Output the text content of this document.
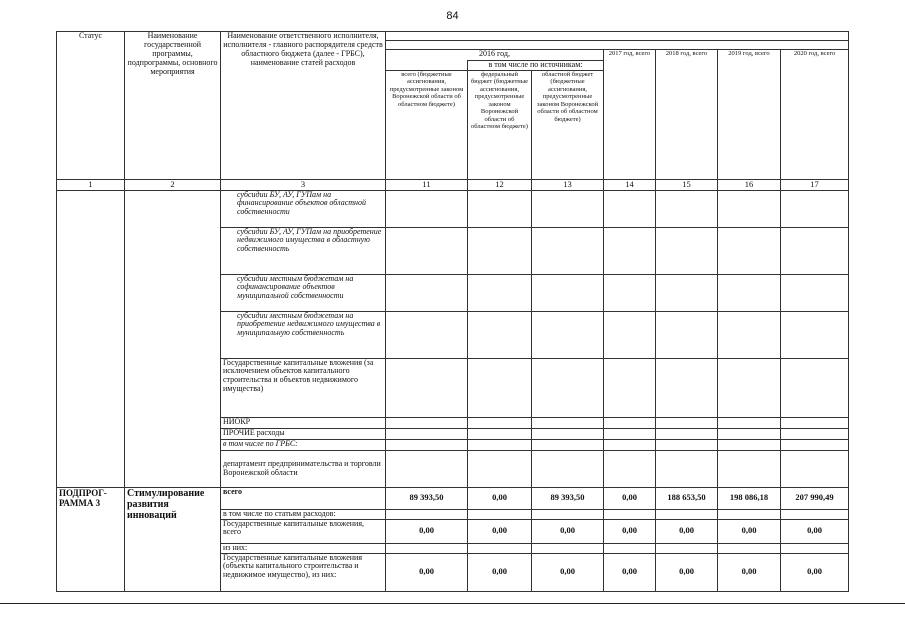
84
Статус	Наименование государственной программы, подпрограммы, основного мероприятия	Наименование ответственного исполнителя, исполнителя - главного распорядителя средств областного бюджета (далее - ГРБС), наименование статей расходов							

			2016 год,			2017 год, всего	2018 год, всего	2019 год, всего	2020 год, всего
				в том числе по источникам:					
			всего (бюджетные ассигнования, предусмотренные законом Воронежской области об областном бюджете)	федеральный бюджет (бюджетные ассигнования, предусмотренные законом Воронежской области об областном бюджете)	областной бюджет (бюджетные ассигнования, предусмотренные законом Воронежской области об областном бюджете)				
1	2	3	11	12	13	14	15	16	17
		субсидии БУ, АУ, ГУПам на финансирование объектов областной собственности							
		субсидии БУ, АУ, ГУПам на приобретение недвижимого имущества в областную собственность							
		субсидии местным бюджетам на софинансирование объектов муниципальной собственности							
		субсидии местным бюджетам на приобретение недвижимого имущества в муниципальную собственность							
		Государственные капитальные вложения (за исключением объектов капитального строительства и объектов недвижимого имущества)							
		НИОКР							
		ПРОЧИЕ расходы							
		в том числе по ГРБС:							
		департамент предпринимательства и торговли Воронежской области							
ПОДПРОГ-РАММА 3	Стимулирование развития инноваций	всего	89 393,50	0,00	89 393,50	0,00	188 653,50	198 086,18	207 990,49
		в том числе по статьям расходов:							
		Государственные капитальные вложения, всего	0,00	0,00	0,00	0,00	0,00	0,00	0,00
		из них:							
		Государственные капитальные вложения (объекты капитального строительства и недвижимое имущество), из них:	0,00	0,00	0,00	0,00	0,00	0,00	0,00
